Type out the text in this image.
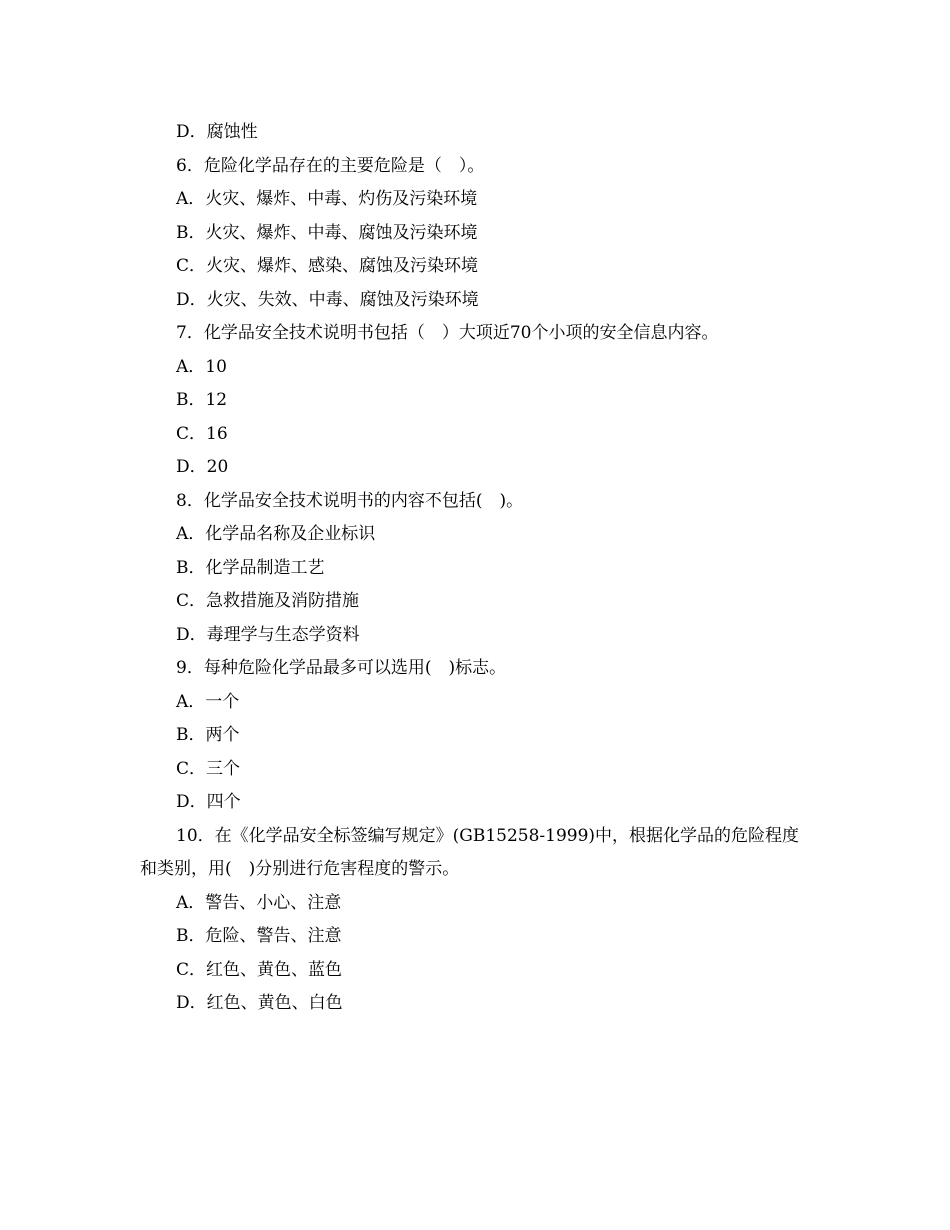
D．腐蚀性
6．危险化学品存在的主要危险是（　）。
A．火灾、爆炸、中毒、灼伤及污染环境
B．火灾、爆炸、中毒、腐蚀及污染环境
C．火灾、爆炸、感染、腐蚀及污染环境
D．火灾、失效、中毒、腐蚀及污染环境
7．化学品安全技术说明书包括（　）大项近70个小项的安全信息内容。
A．10
B．12
C．16
D．20
8．化学品安全技术说明书的内容不包括(　)。
A．化学品名称及企业标识
B．化学品制造工艺
C．急救措施及消防措施
D．毒理学与生态学资料
9．每种危险化学品最多可以选用(　)标志。
A．一个
B．两个
C．三个
D．四个
10．在《化学品安全标签编写规定》(GB15258-1999)中，根据化学品的危险程度和类别，用(　)分别进行危害程度的警示。
A．警告、小心、注意
B．危险、警告、注意
C．红色、黄色、蓝色
D．红色、黄色、白色
